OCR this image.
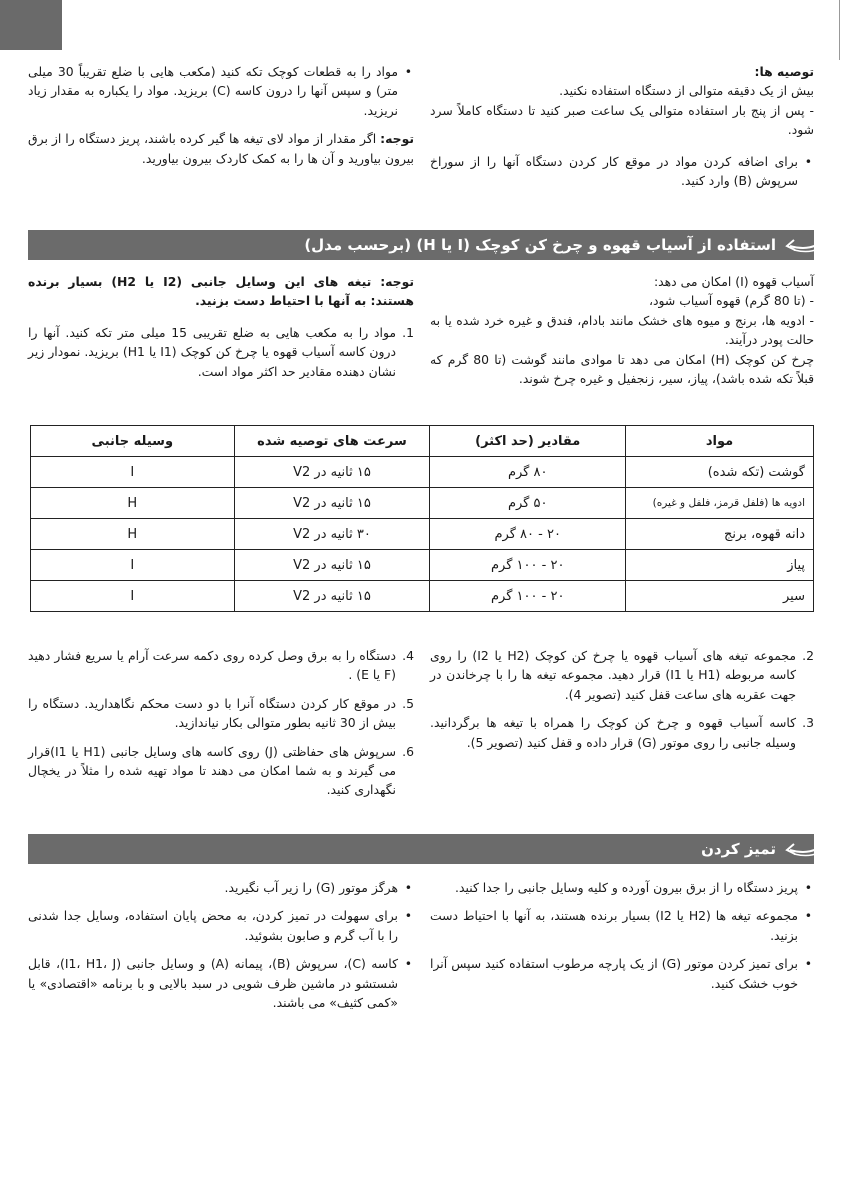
توصیه ها:

بیش از یک دقیقه متوالی از دستگاه استفاده نکنید.

- پس از پنج بار استفاده متوالی یک ساعت صبر کنید تا دستگاه کاملاً سرد شود.

• برای اضافه کردن مواد در موقع کار کردن دستگاه آنها را از سوراخ سرپوش (B) وارد کنید.
• مواد را به قطعات کوچک تکه کنید (مکعب هایی با ضلع تقریباً 30 میلی متر) و سپس آنها را درون کاسه (C) بریزید. مواد را یکباره به مقدار زیاد نریزید.

توجه: اگر مقدار از مواد لای تیغه ها گیر کرده باشند، پریز دستگاه را از برق بیرون بیاورید و آن ها را به کمک کاردک بیرون بیاورید.

استفاده از آسیاب قهوه و چرخ کن کوچک (I یا H) (برحسب مدل)

آسیاب قهوه (I) امکان می دهد:

- (تا 80 گرم) قهوه آسیاب شود،

- ادویه ها، برنج و میوه های خشک مانند بادام، فندق و غیره خرد شده یا به حالت پودر درآیند.

چرخ کن کوچک (H) امکان می دهد تا موادی مانند گوشت (تا 80 گرم که قبلاً تکه شده باشد)، پیاز، سیر، زنجفیل و غیره چرخ شوند.

توجه: تیغه های این وسایل جانبی (I2 یا H2) بسیار برنده هستند: به آنها با احتیاط دست بزنید.

1. مواد را به مکعب هایی به ضلع تقریبی 15 میلی متر تکه کنید. آنها را درون کاسه آسیاب قهوه یا چرخ کن کوچک (I1 یا H1) بریزید. نمودار زیر نشان دهنده مقادیر حد اکثر مواد است.
مواد	مقادیر (حد اکثر)	سرعت های توصیه شده	وسیله جانبی
گوشت (تکه شده)	۸۰ گرم	۱۵ ثانیه در V2	I
ادویه ها (فلفل قرمز، فلفل و غیره)	۵۰ گرم	۱۵ ثانیه در V2	H
دانه قهوه، برنج	۲۰ - ۸۰ گرم	۳۰ ثانیه در V2	H
پیاز	۲۰ - ۱۰۰ گرم	۱۵ ثانیه در V2	I
سیر	۲۰ - ۱۰۰ گرم	۱۵ ثانیه در V2	I
2. مجموعه تیغه های آسیاب قهوه یا چرخ کن کوچک (H2 یا I2) را روی کاسه مربوطه (H1 یا I1) قرار دهید. مجموعه تیغه ها را با چرخاندن در جهت عقربه های ساعت قفل کنید (تصویر 4).
3. کاسه آسیاب قهوه و چرخ کن کوچک را همراه با تیغه ها برگردانید. وسیله جانبی را روی موتور (G) قرار داده و قفل کنید (تصویر 5).
4. دستگاه را به برق وصل کرده روی دکمه سرعت آرام یا سریع فشار دهید (F یا E) .
5. در موقع کار کردن دستگاه آنرا با دو دست محکم نگاهدارید. دستگاه را بیش از 30 ثانیه بطور متوالی بکار نیاندازید.
6. سرپوش های حفاظتی (J) روی کاسه های وسایل جانبی (H1 یا I1)قرار می گیرند و به شما امکان می دهند تا مواد تهیه شده را مثلاً در یخچال نگهداری کنید.
تمیز کردن
• پریز دستگاه را از برق بیرون آورده و کلیه وسایل جانبی را جدا کنید.
• مجموعه تیغه ها (H2 یا I2) بسیار برنده هستند، به آنها با احتیاط دست بزنید.
• برای تمیز کردن موتور (G) از یک پارچه مرطوب استفاده کنید سپس آنرا خوب خشک کنید.
• هرگز موتور (G) را زیر آب نگیرید.
• برای سهولت در تمیز کردن، به محض پایان استفاده، وسایل جدا شدنی را با آب گرم و صابون بشوئید.
• کاسه (C)، سرپوش (B)، پیمانه (A) و وسایل جانبی (I1، H1، J)، قابل شستشو در ماشین ظرف شویی در سبد بالایی و با برنامه «اقتصادی» یا «کمی کثیف» می باشند.
